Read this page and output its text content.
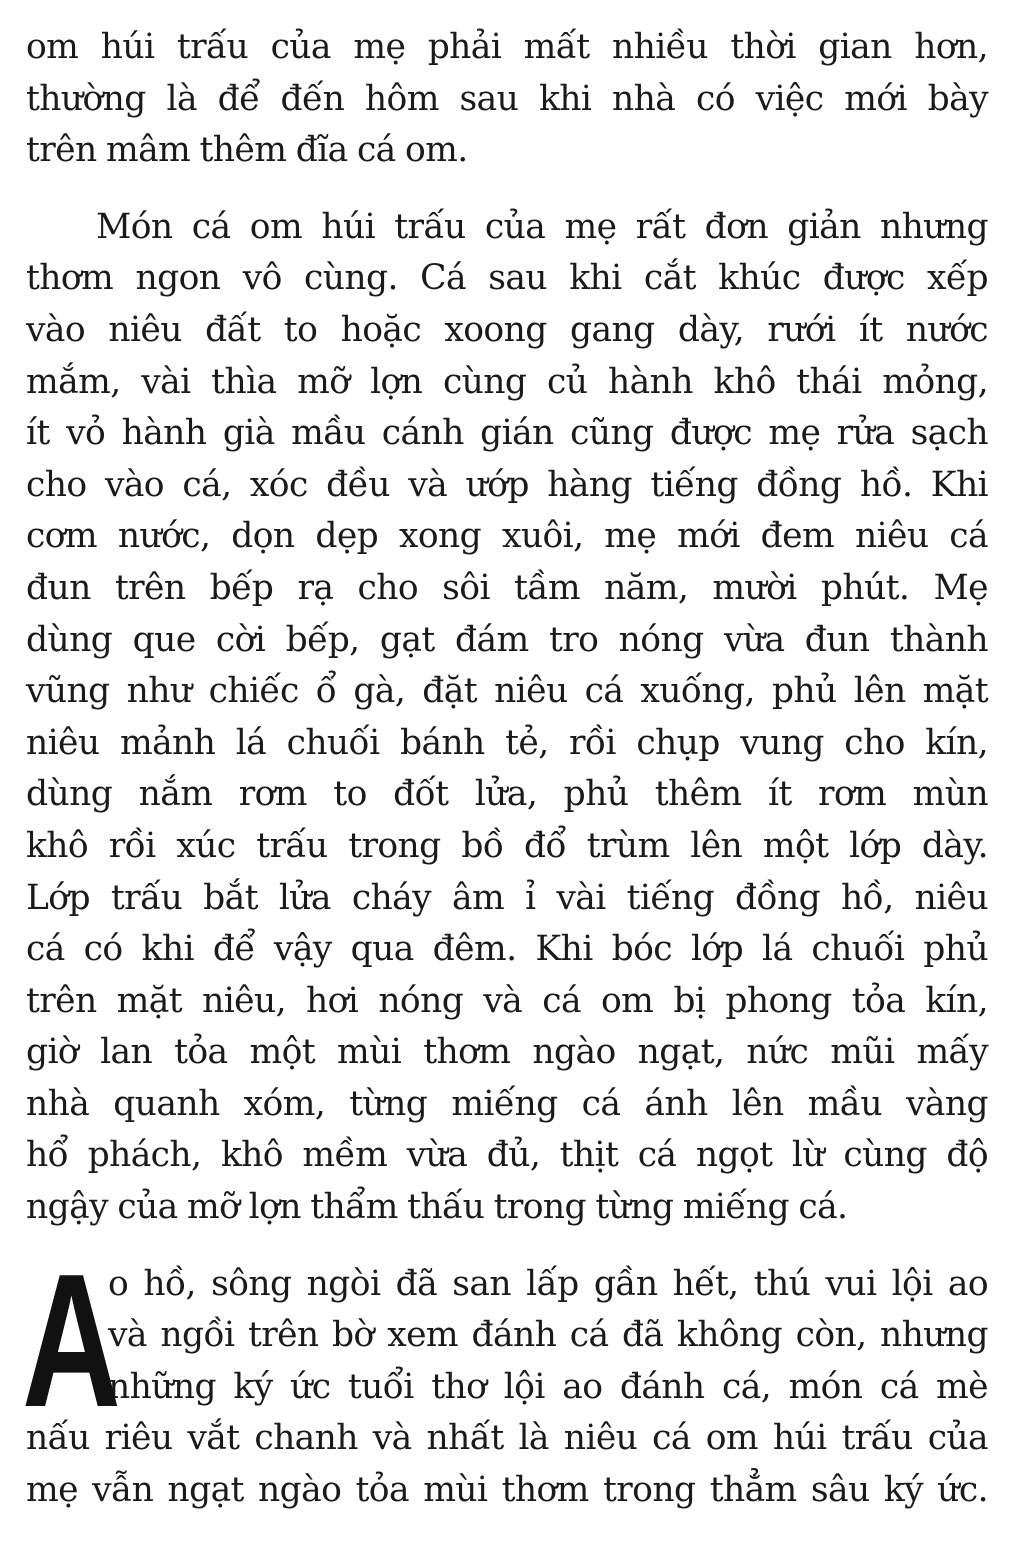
om húi trấu của mẹ phải mất nhiều thời gian hơn,
thường là để đến hôm sau khi nhà có việc mới bày
trên mâm thêm đĩa cá om.
Món cá om húi trấu của mẹ rất đơn giản nhưng
thơm ngon vô cùng. Cá sau khi cắt khúc được xếp
vào niêu đất to hoặc xoong gang dày, rưới ít nước
mắm, vài thìa mỡ lợn cùng củ hành khô thái mỏng,
ít vỏ hành già mầu cánh gián cũng được mẹ rửa sạch
cho vào cá, xóc đều và ướp hàng tiếng đồng hồ. Khi
cơm nước, dọn dẹp xong xuôi, mẹ mới đem niêu cá
đun trên bếp rạ cho sôi tầm năm, mười phút. Mẹ
dùng que cời bếp, gạt đám tro nóng vừa đun thành
vũng như chiếc ổ gà, đặt niêu cá xuống, phủ lên mặt
niêu mảnh lá chuối bánh tẻ, rồi chụp vung cho kín,
dùng nắm rơm to đốt lửa, phủ thêm ít rơm mùn
khô rồi xúc trấu trong bồ đổ trùm lên một lớp dày.
Lớp trấu bắt lửa cháy âm ỉ vài tiếng đồng hồ, niêu
cá có khi để vậy qua đêm. Khi bóc lớp lá chuối phủ
trên mặt niêu, hơi nóng và cá om bị phong tỏa kín,
giờ lan tỏa một mùi thơm ngào ngạt, nức mũi mấy
nhà quanh xóm, từng miếng cá ánh lên mầu vàng
hổ phách, khô mềm vừa đủ, thịt cá ngọt lừ cùng độ
ngậy của mỡ lợn thẩm thấu trong từng miếng cá.
A
o hồ, sông ngòi đã san lấp gần hết, thú vui lội ao
và ngồi trên bờ xem đánh cá đã không còn, nhưng
những ký ức tuổi thơ lội ao đánh cá, món cá mè
nấu riêu vắt chanh và nhất là niêu cá om húi trấu của
mẹ vẫn ngạt ngào tỏa mùi thơm trong thẳm sâu ký ức.
